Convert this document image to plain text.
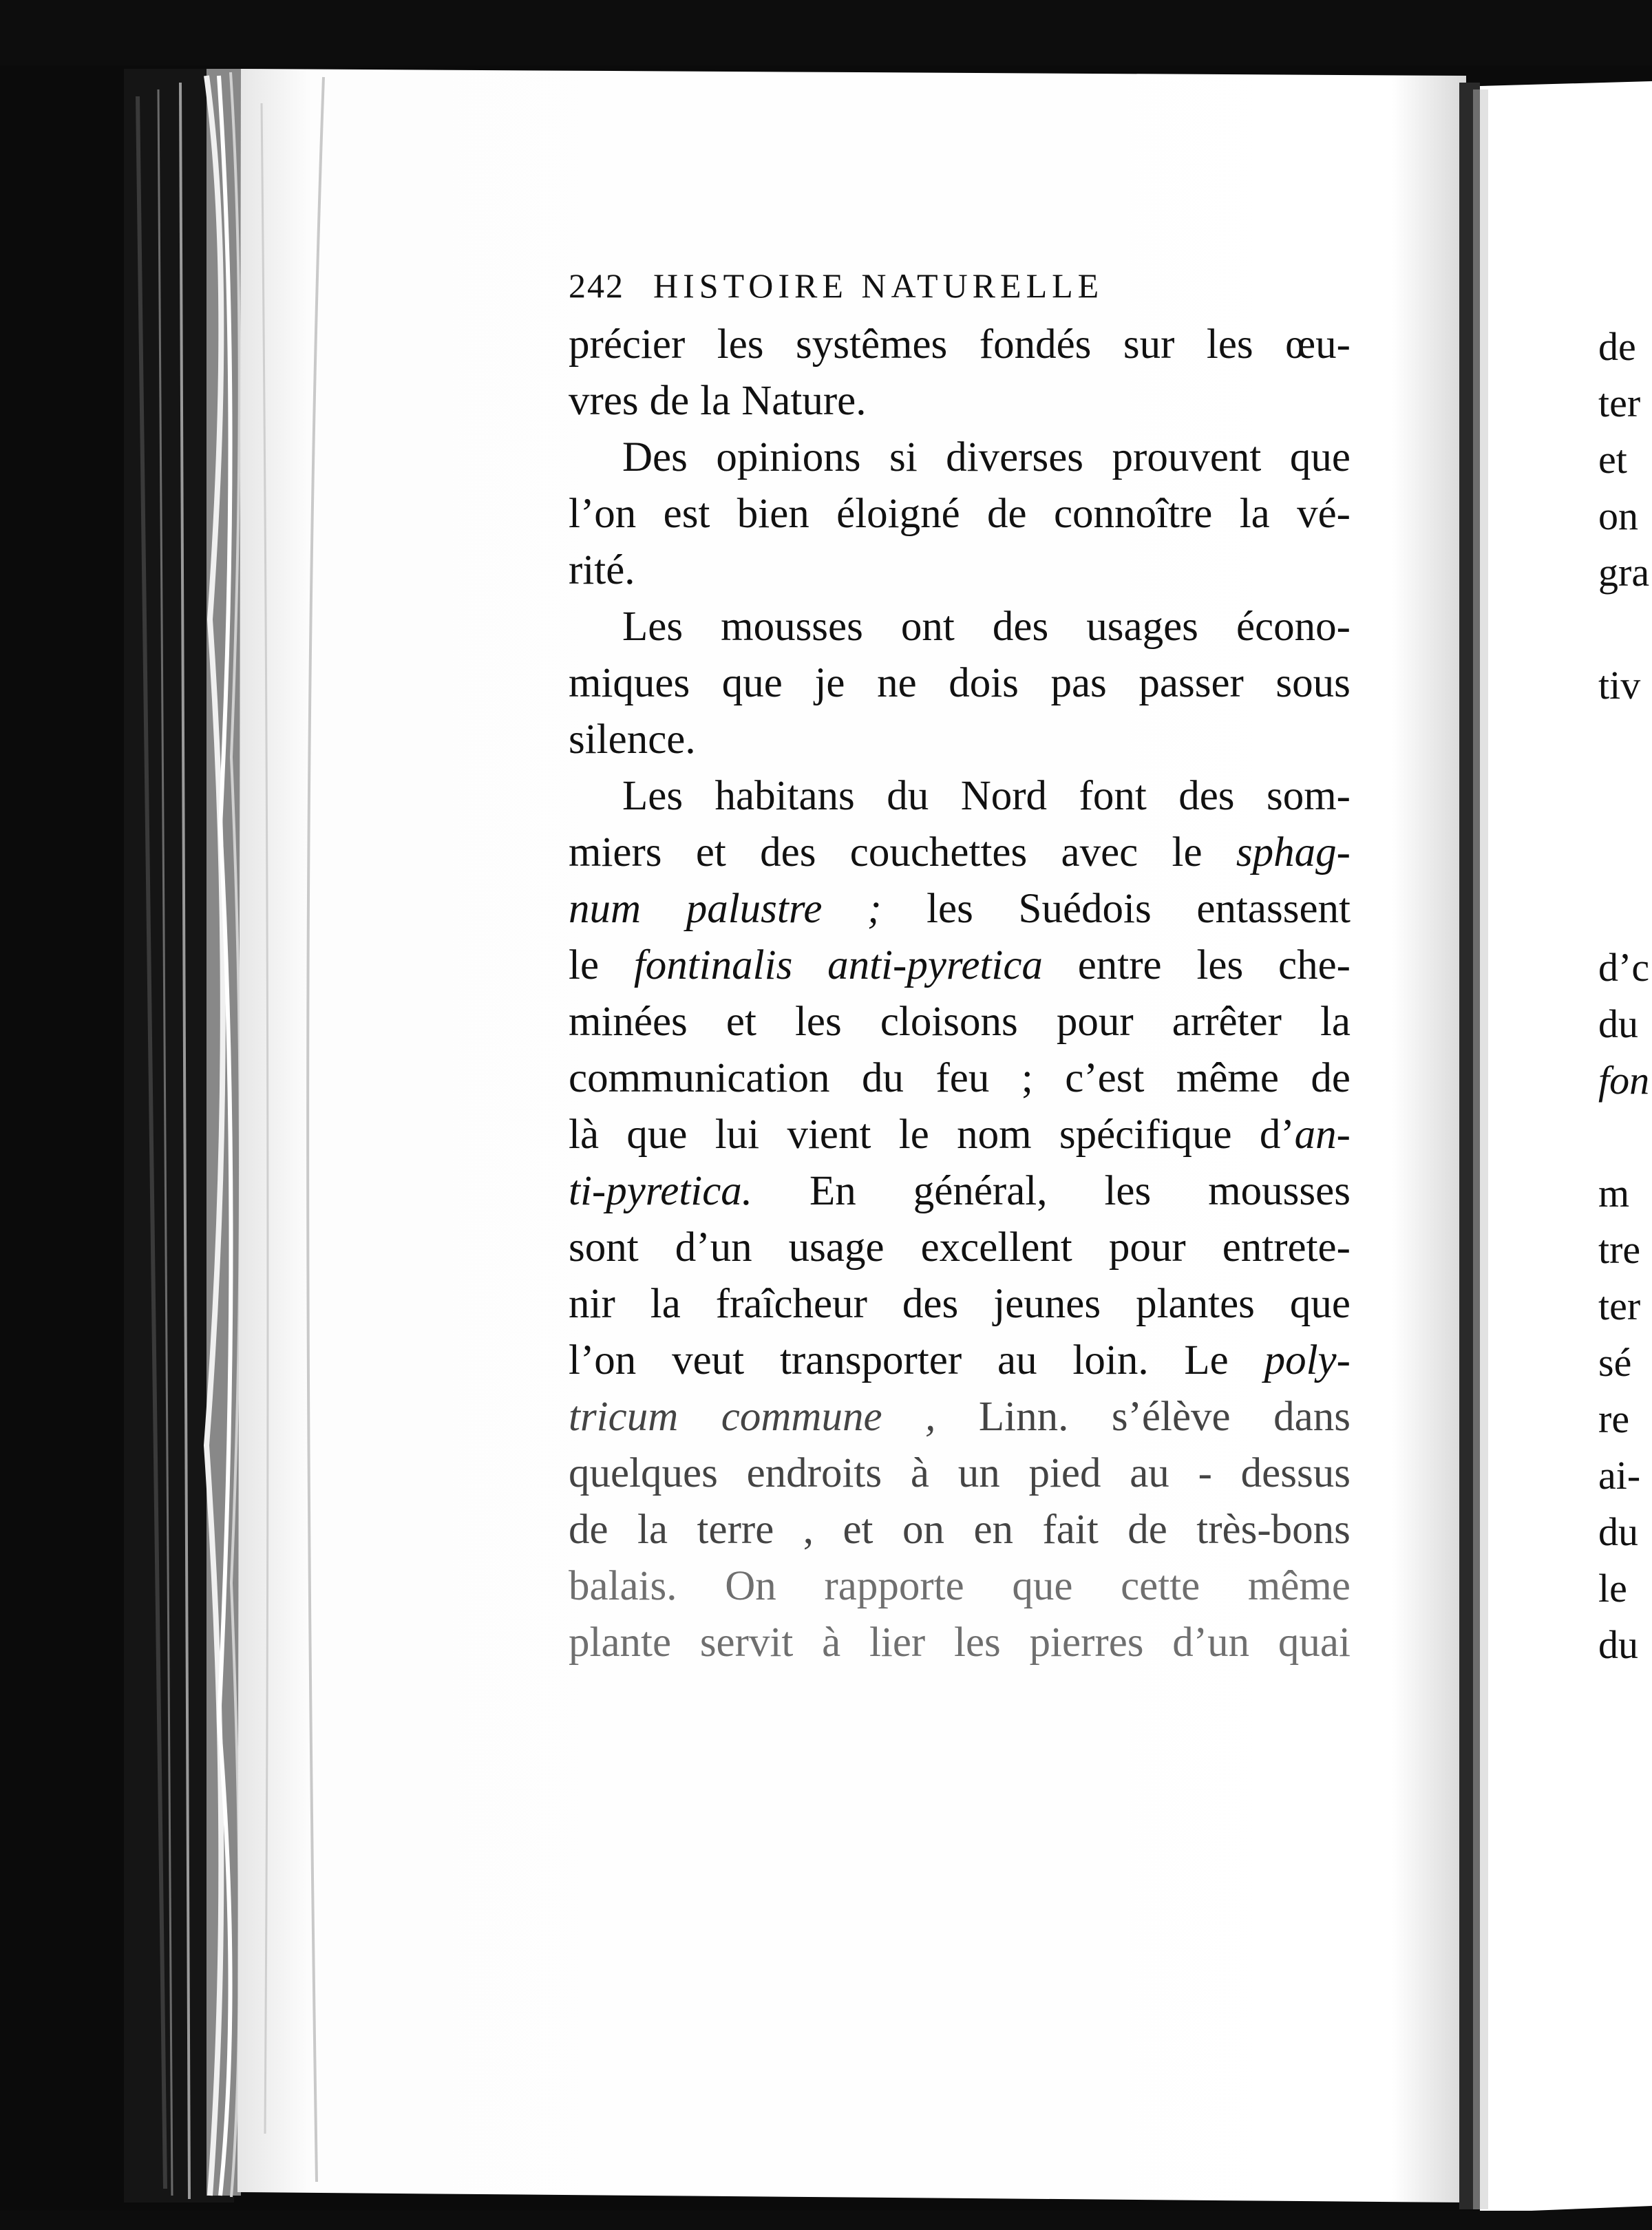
242 HISTOIRE NATURELLE
précier les systêmes fondés sur les œu-
vres de la Nature.
Des opinions si diverses prouvent que
l’on est bien éloigné de connoître la vé-
rité.
Les mousses ont des usages écono-
miques que je ne dois pas passer sous
silence.
Les habitans du Nord font des som-
miers et des couchettes avec le sphag-
num palustre ; les Suédois entassent
le fontinalis anti-pyretica entre les che-
minées et les cloisons pour arrêter la
communication du feu ; c’est même de
là que lui vient le nom spécifique d’an-
ti-pyretica. En général, les mousses
sont d’un usage excellent pour entrete-
nir la fraîcheur des jeunes plantes que
l’on veut transporter au loin. Le poly-
tricum commune , Linn. s’élève dans
quelques endroits à un pied au - dessus
de la terre , et on en fait de très-bons
balais. On rapporte que cette même
plante servit à lier les pierres d’un quai
de
ter
et
on
gra
tiv
d’c
du
fon
m
tre
ter
sé
re
ai-
du
le
du
